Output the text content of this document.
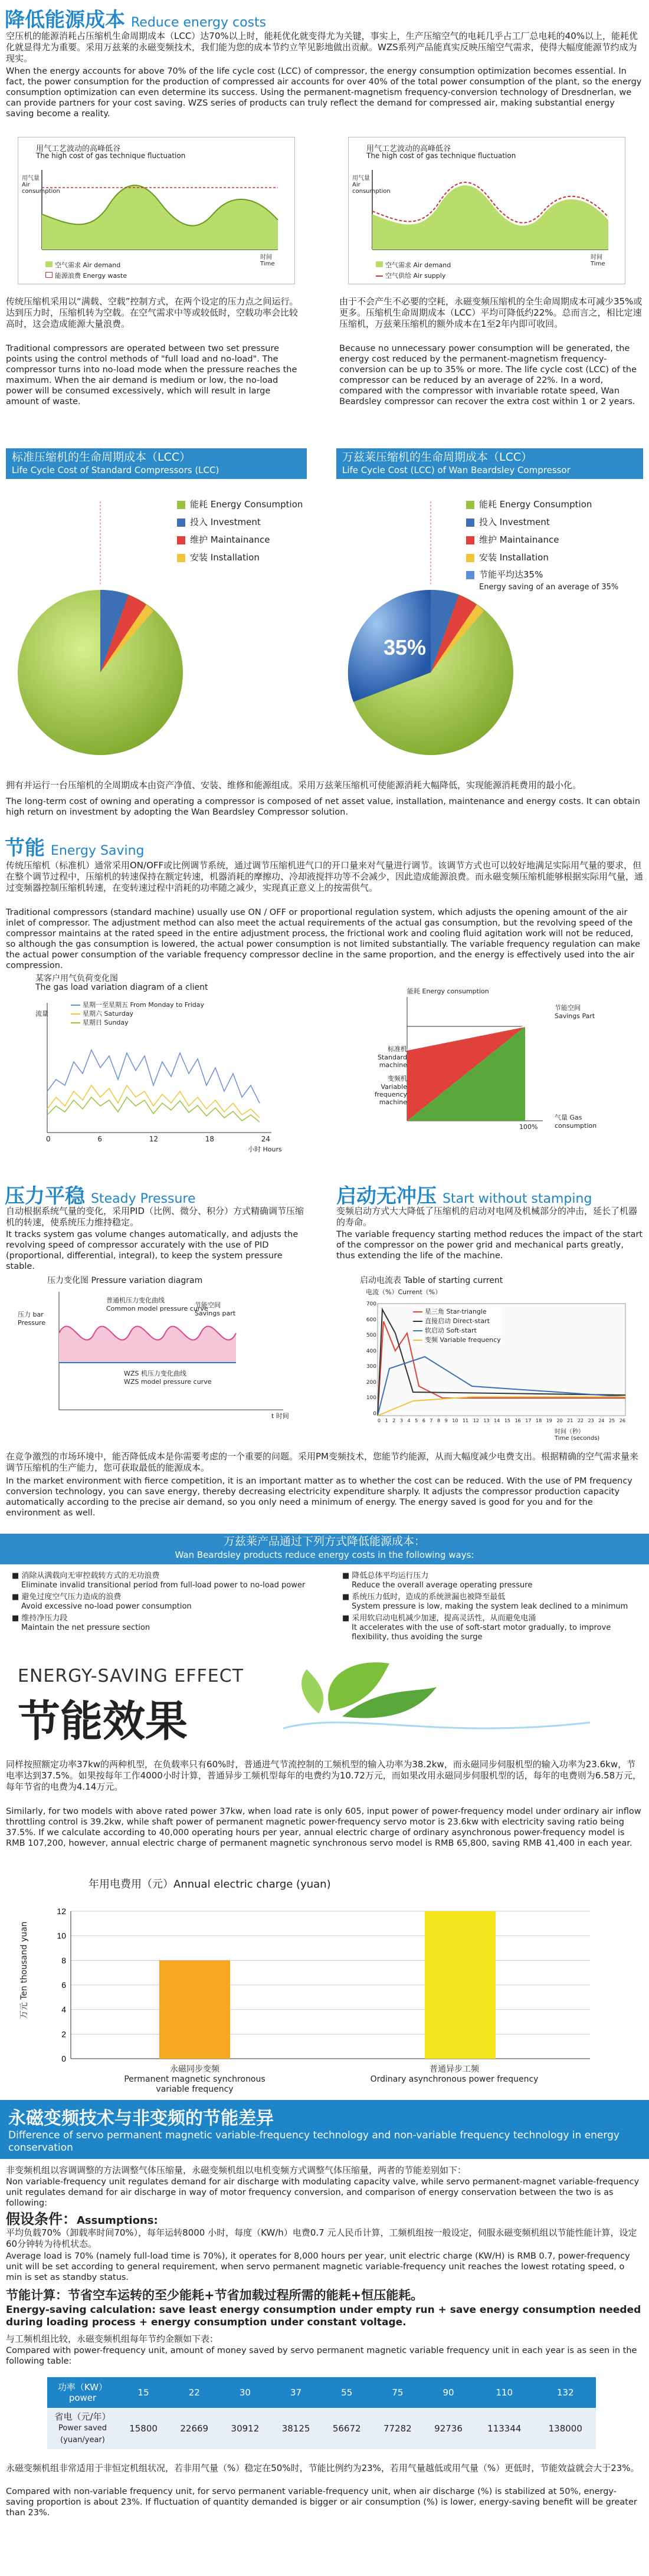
降低能源成本 Reduce energy costs
空压机的能源消耗占压缩机生命周期成本（LCC）达70%以上时，能耗优化就变得尤为关键，事实上，生产压缩空气的电耗几乎占工厂总电耗的40%以上，能耗优化就显得尤为重要。采用万兹莱的永磁变频技术，我们能为您的成本节约立竿见影地做出贡献。WZS系列产品能真实反映压缩空气需求，使得大幅度能源节约成为现实。
When the energy accounts for above 70% of the life cycle cost (LCC) of compressor, the energy consumption optimization becomes essential. In fact, the power consumption for the production of compressed air accounts for over 40% of the total power consumption of the plant, so the energy consumption optimization can even determine its success. Using the permanent-magnetism frequency-conversion technology of Dresdnerlan, we can provide partners for your cost saving. WZS series of products can truly reflect the demand for compressed air, making substantial energy saving become a reality.
用气工艺波动的高峰低谷
The high cost of gas technique fluctuation
用气量
Air consumption
时间
Time
空气需求 Air demand
能源浪费 Energy waste
用气工艺波动的高峰低谷
The high cost of gas technique fluctuation
用气量
Air consumption
时间
Time
空气需求 Air demand
空气供给 Air supply
传统压缩机采用以“满载、空载”控制方式，在两个设定的压力点之间运行。达到压力时，压缩机转为空载。在空气需求中等或较低时，空载功率会比较高时，这会造成能源大量浪费。
Traditional compressors are operated between two set pressure points using the control methods of "full load and no-load". The compressor turns into no-load mode when the pressure reaches the maximum. When the air demand is medium or low, the no-load power will be consumed excessively, which will result in large amount of waste.
由于不会产生不必要的空耗，永磁变频压缩机的全生命周期成本可减少35%或更多。压缩机生命周期成本（LCC）平均可降低约22%。总而言之，相比定速压缩机，万兹莱压缩机的额外成本在1至2年内即可收回。
Because no unnecessary power consumption will be generated, the energy cost reduced by the permanent-magnetism frequency-conversion can be up to 35% or more. The life cycle cost (LCC) of the compressor can be reduced by an average of 22%. In a word, compared with the compressor with invariable rotate speed, Wan Beardsley compressor can recover the extra cost within 1 or 2 years.
标准压缩机的生命周期成本（LCC）
Life Cycle Cost of Standard Compressors (LCC)
万兹莱压缩机的生命周期成本（LCC）
Life Cycle Cost (LCC) of Wan Beardsley Compressor
能耗 Energy Consumption
投入 Investment
维护 Maintainance
安装 Installation
35%
能耗 Energy Consumption
投入 Investment
维护 Maintainance
安装 Installation
节能平均达35%
Energy saving of an average of 35%
拥有并运行一台压缩机的全周期成本由资产净值、安装、维修和能源组成。采用万兹莱压缩机可使能源消耗大幅降低，实现能源消耗费用的最小化。
The long-term cost of owning and operating a compressor is composed of net asset value, installation, maintenance and energy costs. It can obtain high return on investment by adopting the Wan Beardsley Compressor solution.
节能 Energy Saving
传统压缩机（标准机）通常采用ON/OFF或比例调节系统，通过调节压缩机进气口的开口量来对气量进行调节。该调节方式也可以较好地满足实际用气量的要求，但在整个调节过程中，压缩机的转速保持在额定转速，机器消耗的摩擦功、冷却液搅拌功等不会减少，因此造成能源浪费。而永磁变频压缩机能够根据实际用气量，通过变频器控制压缩机转速，在变转速过程中消耗的功率随之减少，实现真正意义上的按需供气。
Traditional compressors (standard machine) usually use ON / OFF or proportional regulation system, which adjusts the opening amount of the air inlet of compressor. The adjustment method can also meet the actual requirements of the actual gas consumption, but the revolving speed of the compressor maintains at the rated speed in the entire adjustment process, the frictional work and cooling fluid agitation work will not be reduced, so although the gas consumption is lowered, the actual power consumption is not limited substantially. The variable frequency regulation can make the actual power consumption of the variable frequency compressor decline in the same proportion, and the energy is effectively used into the air compression.
某客户用气负荷变化图
The gas load variation diagram of a client
星期一至星期五 From Monday to Friday
星期六 Saturday
星期日 Sunday
流量
0	6	12	18	24
小时 Hours
能耗 Energy consumption
节能空间 Savings Part
标准机 Standard machine
变频机 Variable frequency machine
100%
气量 Gas consumption
压力平稳 Steady Pressure
自动根据系统气量的变化，采用PID（比例、微分、积分）方式精确调节压缩机的转速，使系统压力维持稳定。
It tracks system gas volume changes automatically, and adjusts the revolving speed of compressor accurately with the use of PID (proportional, differential, integral), to keep the system pressure stable.
启动无冲压 Start without stamping
变频启动方式大大降低了压缩机的启动对电网及机械部分的冲击，延长了机器的寿命。
The variable frequency starting method reduces the impact of the start of the compressor on the power grid and mechanical parts greatly, thus extending the life of the machine.
压力变化图 Pressure variation diagram
压力 bar
Pressure
普通机压力变化曲线
Common model pressure curve
节能空间
Savings part
WZS 机压力变化曲线
WZS model pressure curve
t 时间
启动电流表 Table of starting current
电流（%）Current（%）
700
600
500
400
300
200
100
0
0 1 2 3 4 5 6 7 8 9 10 11 12 13 14 15 16 17 18 19 20 21 22 23 24 25 26
时间（秒）
Time (seconds)
星三角 Star-triangle
直接启动 Direct-start
软启动 Soft-start
变频 Variable frequency
在竞争激烈的市场环境中，能否降低成本是你需要考虑的一个重要的问题。采用PM变频技术，您能节约能源，从而大幅度减少电费支出。根据精确的空气需求量来调节压缩机的生产能力，您可获取最低的能源成本。
In the market environment with fierce competition, it is an important matter as to whether the cost can be reduced. With the use of PM frequency conversion technology, you can save energy, thereby decreasing electricity expenditure sharply. It adjusts the compressor production capacity automatically according to the precise air demand, so you only need a minimum of energy. The energy saved is good for you and for the environment as well.
万兹莱产品通过下列方式降低能源成本：
Wan Beardsley products reduce energy costs in the following ways:
■ 消除从满载向无审控载转方式的无功浪费
Eliminate invalid transitional period from full-load power to no-load power
■ 避免过度空气压力造成的浪费
Avoid excessive no-load power consumption
■ 维持净压力段
Maintain the net pressure section
■ 降低总体平均运行压力
Reduce the overall average operating pressure
■ 系统压力低时，造成的系统泄漏也被降至最低
System pressure is low, making the system leak declined to a minimum
■ 采用软启动电机减少加速，提高灵活性，从而避免电涌
It accelerates with the use of soft-start motor gradually, to improve flexibility, thus avoiding the surge
ENERGY-SAVING EFFECT
节能效果
同样按照额定功率37kw的两种机型，在负载率只有60%时，普通进气节流控制的工频机型的输入功率为38.2kw，而永磁同步伺服机型的输入功率为23.6kw，节电率达到37.5%。如果按每年工作4000小时计算，普通异步工频机型每年的电费约为10.72万元，而如果改用永磁同步伺服机型的话，每年的电费则为6.58万元，每年节省的电费为4.14万元。
Similarly, for two models with above rated power 37kw, when load rate is only 605, input power of power-frequency model under ordinary air inflow throttling control is 39.2kw, while shaft power of permanent magnetic power-frequency servo motor is 23.6kw with electricity saving ratio being 37.5%. If we calculate according to 40,000 operating hours per year, annual electric charge of ordinary asynchronous power-frequency model is RMB 107,200, however, annual electric charge of permanent magnetic synchronous servo model is RMB 65,800, saving RMB 41,400 in each year.
年用电费用（元）Annual electric charge (yuan)
万元 Ten thousand yuan
0
2
4
6
8
10
12
永磁同步变频
Permanent magnetic synchronous
variable frequency
普通异步工频
Ordinary asynchronous power frequency
永磁变频技术与非变频的节能差异
Difference of servo permanent magnetic variable-frequency technology and non-variable frequency technology in energy conservation
非变频机组以容调调整的方法调整气体压缩量，永磁变频机组以电机变频方式调整气体压缩量，两者的节能差别如下：
Non variable-frequency unit regulates demand for air discharge with modulating capacity valve, while servo permanent-magnet variable-frequency unit regulates demand for air discharge in way of motor frequency conversion, and comparison of energy conservation between the two is as following:
假设条件：Assumptions:
平均负载70%（卸载率时间70%），每年运转8000 小时，每度（KW/h）电费0.7 元人民币计算，工频机组按一般设定，伺服永磁变频机组以节能性能计算，设定60分钟转为待机状态。
Average load is 70% (namely full-load time is 70%), it operates for 8,000 hours per year, unit electric charge (KW/H) is RMB 0.7, power-frequency unit will be set according to general requirement, when servo permanent magnetic variable-frequency unit reaches the lowest rotating speed, o min is set as standby status.
节能计算：节省空车运转的至少能耗+节省加载过程所需的能耗+恒压能耗。
Energy-saving calculation: save least energy consumption under empty run + save energy consumption needed during loading process + energy consumption under constant voltage.
与工频机组比较，永磁变频机组每年节约金额如下表：
Compared with power-frequency unit, amount of money saved by servo permanent magnetic variable frequency unit in each year is as seen in the following table:
功率（KW）
power	15	22	30	37	55	75	90	110	132
省电（元/年）
Power saved (yuan/year)	15800	22669	30912	38125	56672	77282	92736	113344	138000
永磁变频机组非常适用于非恒定机组状况，若非用气量（%）稳定在50%时，节能比例约为23%，若用气量越低或用气量（%）更低时，节能效益就会大于23%。
Compared with non-variable frequency unit, for servo permanent variable-frequency unit, when air discharge (%) is stabilized at 50%, energy-saving proportion is about 23%. If fluctuation of quantity demanded is bigger or air consumption (%) is lower, energy-saving benefit will be greater than 23%.
